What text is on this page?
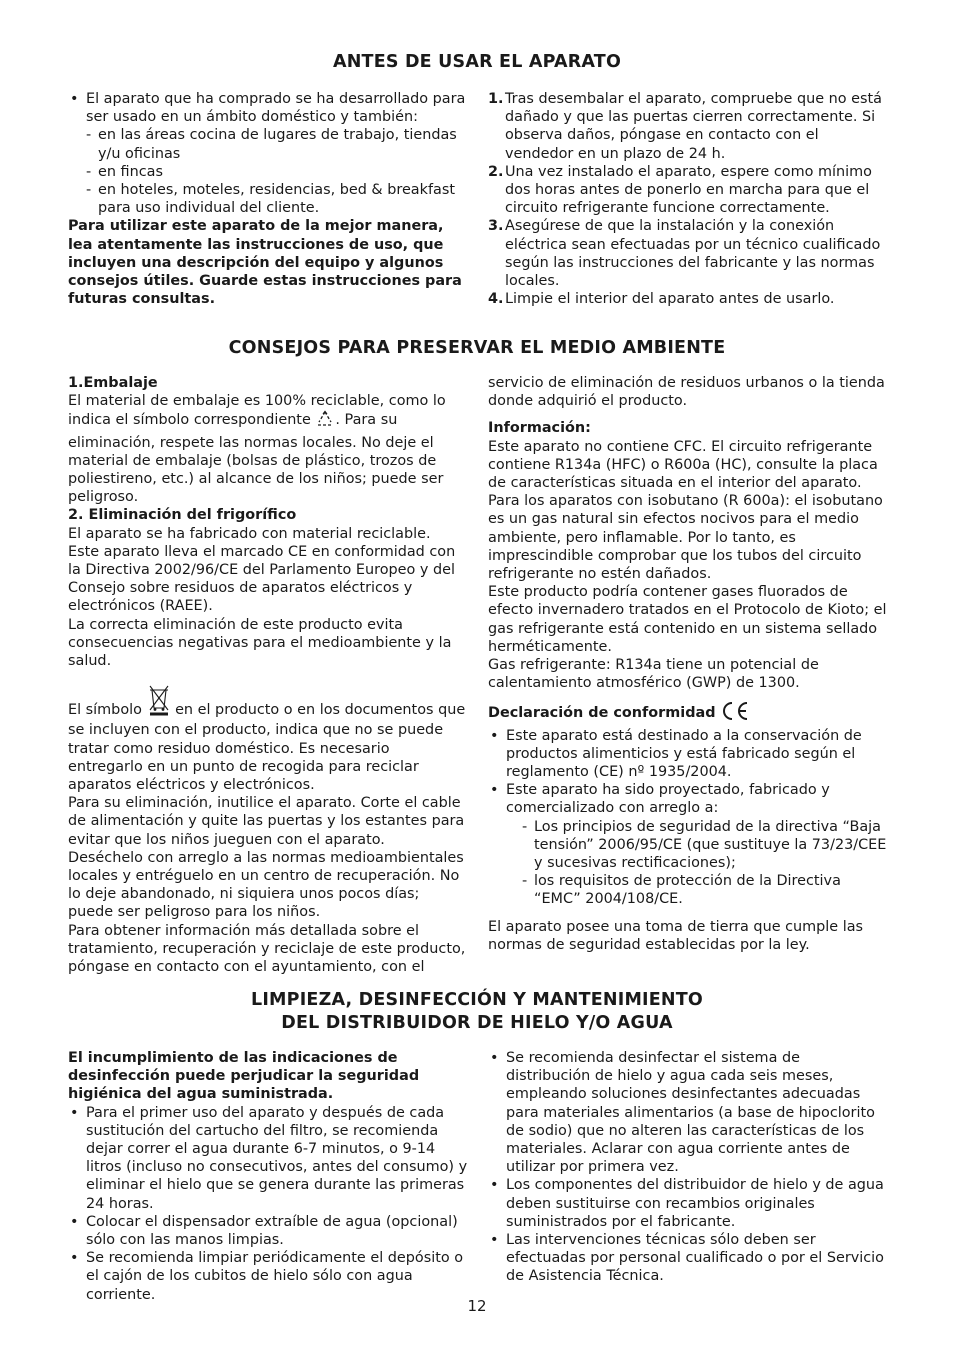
ANTES DE USAR EL APARATO

• El aparato que ha comprado se ha desarrollado para ser usado en un ámbito doméstico y también:

- en las áreas cocina de lugares de trabajo, tiendas y/u oficinas

- en fincas

- en hoteles, moteles, residencias, bed & breakfast para uso individual del cliente.

Para utilizar este aparato de la mejor manera, lea atentamente las instrucciones de uso, que incluyen una descripción del equipo y algunos consejos útiles. Guarde estas instrucciones para futuras consultas.

1. Tras desembalar el aparato, compruebe que no está dañado y que las puertas cierren correctamente. Si observa daños, póngase en contacto con el vendedor en un plazo de 24 h.

2. Una vez instalado el aparato, espere como mínimo dos horas antes de ponerlo en marcha para que el circuito refrigerante funcione correctamente.

3. Asegúrese de que la instalación y la conexión eléctrica sean efectuadas por un técnico cualificado según las instrucciones del fabricante y las normas locales.

4. Limpie el interior del aparato antes de usarlo.

CONSEJOS PARA PRESERVAR EL MEDIO AMBIENTE

1.Embalaje

El material de embalaje es 100% reciclable, como lo indica el símbolo correspondiente . Para su eliminación, respete las normas locales. No deje el material de embalaje (bolsas de plástico, trozos de poliestireno, etc.) al alcance de los niños; puede ser peligroso.

2. Eliminación del frigorífico

El aparato se ha fabricado con material reciclable.

Este aparato lleva el marcado CE en conformidad con la Directiva 2002/96/CE del Parlamento Europeo y del Consejo sobre residuos de aparatos eléctricos y electrónicos (RAEE).

La correcta eliminación de este producto evita consecuencias negativas para el medioambiente y la salud.

El símbolo en el producto o en los documentos que se incluyen con el producto, indica que no se puede tratar como residuo doméstico. Es necesario entregarlo en un punto de recogida para reciclar aparatos eléctricos y electrónicos.

Para su eliminación, inutilice el aparato. Corte el cable de alimentación y quite las puertas y los estantes para evitar que los niños jueguen con el aparato.

Deséchelo con arreglo a las normas medioambientales locales y entréguelo en un centro de recuperación. No lo deje abandonado, ni siquiera unos pocos días; puede ser peligroso para los niños.

Para obtener información más detallada sobre el tratamiento, recuperación y reciclaje de este producto, póngase en contacto con el ayuntamiento, con el

servicio de eliminación de residuos urbanos o la tienda donde adquirió el producto.

Información:

Este aparato no contiene CFC. El circuito refrigerante contiene R134a (HFC) o R600a (HC), consulte la placa de características situada en el interior del aparato.

Para los aparatos con isobutano (R 600a): el isobutano es un gas natural sin efectos nocivos para el medio ambiente, pero inflamable. Por lo tanto, es imprescindible comprobar que los tubos del circuito refrigerante no estén dañados.

Este producto podría contener gases fluorados de efecto invernadero tratados en el Protocolo de Kioto; el gas refrigerante está contenido en un sistema sellado herméticamente.

Gas refrigerante: R134a tiene un potencial de calentamiento atmosférico (GWP) de 1300.

Declaración de conformidad

• Este aparato está destinado a la conservación de productos alimenticios y está fabricado según el reglamento (CE) nº 1935/2004.

• Este aparato ha sido proyectado, fabricado y comercializado con arreglo a:

- Los principios de seguridad de la directiva “Baja tensión” 2006/95/CE (que sustituye la 73/23/CEE y sucesivas rectificaciones);

- los requisitos de protección de la Directiva “EMC” 2004/108/CE.

El aparato posee una toma de tierra que cumple las normas de seguridad establecidas por la ley.

LIMPIEZA, DESINFECCIÓN Y MANTENIMIENTO
DEL DISTRIBUIDOR DE HIELO Y/O AGUA

El incumplimiento de las indicaciones de desinfección puede perjudicar la seguridad higiénica del agua suministrada.

• Para el primer uso del aparato y después de cada sustitución del cartucho del filtro, se recomienda dejar correr el agua durante 6-7 minutos, o 9-14 litros (incluso no consecutivos, antes del consumo) y eliminar el hielo que se genera durante las primeras 24 horas.

• Colocar el dispensador extraíble de agua (opcional) sólo con las manos limpias.

• Se recomienda limpiar periódicamente el depósito o el cajón de los cubitos de hielo sólo con agua corriente.

• Se recomienda desinfectar el sistema de distribución de hielo y agua cada seis meses, empleando soluciones desinfectantes adecuadas para materiales alimentarios (a base de hipoclorito de sodio) que no alteren las características de los materiales. Aclarar con agua corriente antes de utilizar por primera vez.

• Los componentes del distribuidor de hielo y de agua deben sustituirse con recambios originales suministrados por el fabricante.

• Las intervenciones técnicas sólo deben ser efectuadas por personal cualificado o por el Servicio de Asistencia Técnica.

12
